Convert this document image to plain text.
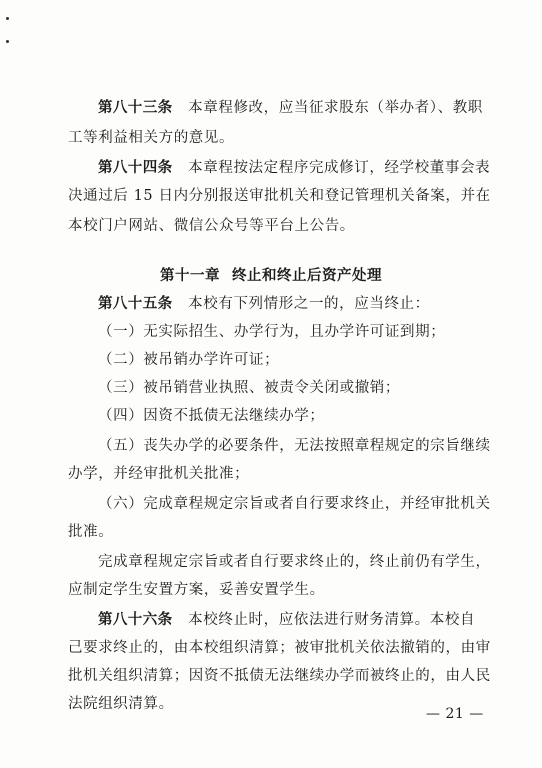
第八十三条 本章程修改，应当征求股东（举办者）、教职
工等利益相关方的意见。
第八十四条 本章程按法定程序完成修订，经学校董事会表
决通过后 15 日内分别报送审批机关和登记管理机关备案，并在
本校门户网站、微信公众号等平台上公告。
第十一章 终止和终止后资产处理
第八十五条 本校有下列情形之一的，应当终止：
（一）无实际招生、办学行为，且办学许可证到期；
（二）被吊销办学许可证；
（三）被吊销营业执照、被责令关闭或撤销；
（四）因资不抵债无法继续办学；
（五）丧失办学的必要条件，无法按照章程规定的宗旨继续
办学，并经审批机关批准；
（六）完成章程规定宗旨或者自行要求终止，并经审批机关
批准。
完成章程规定宗旨或者自行要求终止的，终止前仍有学生，
应制定学生安置方案，妥善安置学生。
第八十六条 本校终止时，应依法进行财务清算。本校自
己要求终止的，由本校组织清算；被审批机关依法撤销的，由审
批机关组织清算；因资不抵债无法继续办学而被终止的，由人民
法院组织清算。
— 21 —
